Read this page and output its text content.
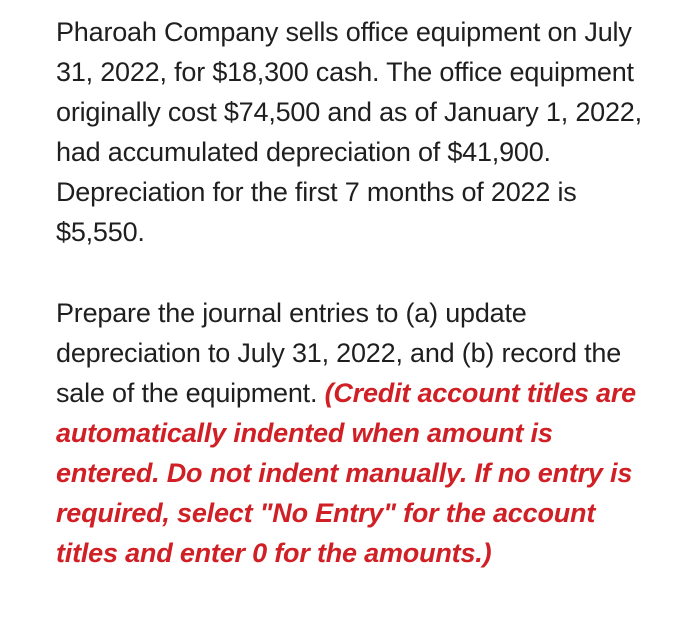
Pharoah Company sells office equipment on July 31, 2022, for $18,300 cash. The office equipment originally cost $74,500 and as of January 1, 2022, had accumulated depreciation of $41,900. Depreciation for the first 7 months of 2022 is $5,550.

Prepare the journal entries to (a) update depreciation to July 31, 2022, and (b) record the sale of the equipment. (Credit account titles are automatically indented when amount is entered. Do not indent manually. If no entry is required, select "No Entry" for the account titles and enter 0 for the amounts.)
